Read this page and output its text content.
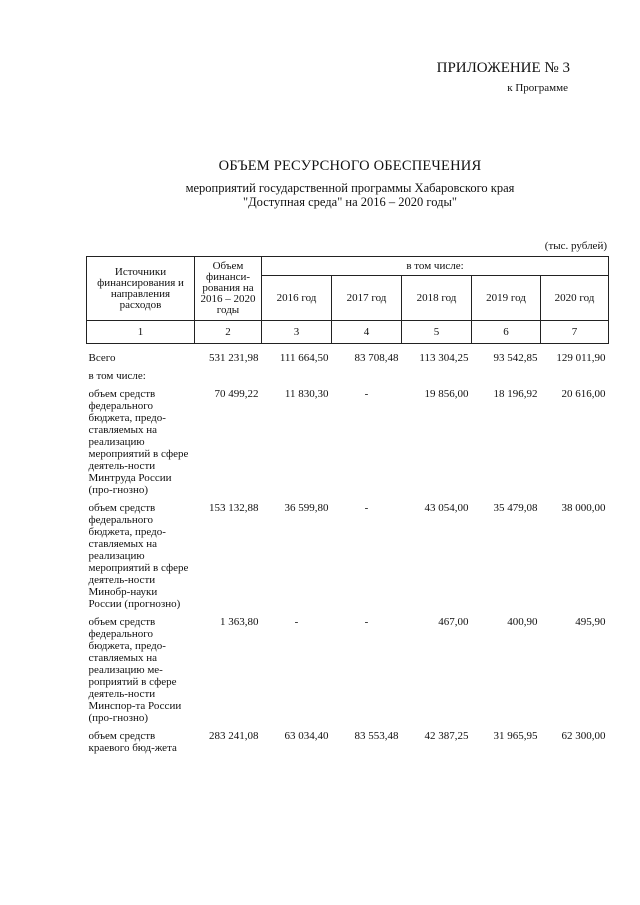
ПРИЛОЖЕНИЕ № 3
к Программе
ОБЪЕМ РЕСУРСНОГО ОБЕСПЕЧЕНИЯ
мероприятий государственной программы Хабаровского края
"Доступная среда" на 2016 – 2020 годы"
(тыс. рублей)
Источники финансирования и направления расходов	Объем финанси-рования на 2016 – 2020 годы	в том числе:				
		2016 год	2017 год	2018 год	2019 год	2020 год
1	2	3	4	5	6	7
Всего	531 231,98	111 664,50	83 708,48	113 304,25	93 542,85	129 011,90
в том числе:						
объем средств федерального бюджета, предо-ставляемых на реализацию мероприятий в сфере деятель-ности Минтруда России (про-гнозно)	70 499,22	11 830,30	-	19 856,00	18 196,92	20 616,00
объем средств федерального бюджета, предо-ставляемых на реализацию мероприятий в сфере деятель-ности Минобр-науки России (прогнозно)	153 132,88	36 599,80	-	43 054,00	35 479,08	38 000,00
объем средств федерального бюджета, предо-ставляемых на реализацию ме-роприятий в сфере деятель-ности Минспор-та России (про-гнозно)	1 363,80	-	-	467,00	400,90	495,90
объем средств краевого бюд-жета	283 241,08	63 034,40	83 553,48	42 387,25	31 965,95	62 300,00
